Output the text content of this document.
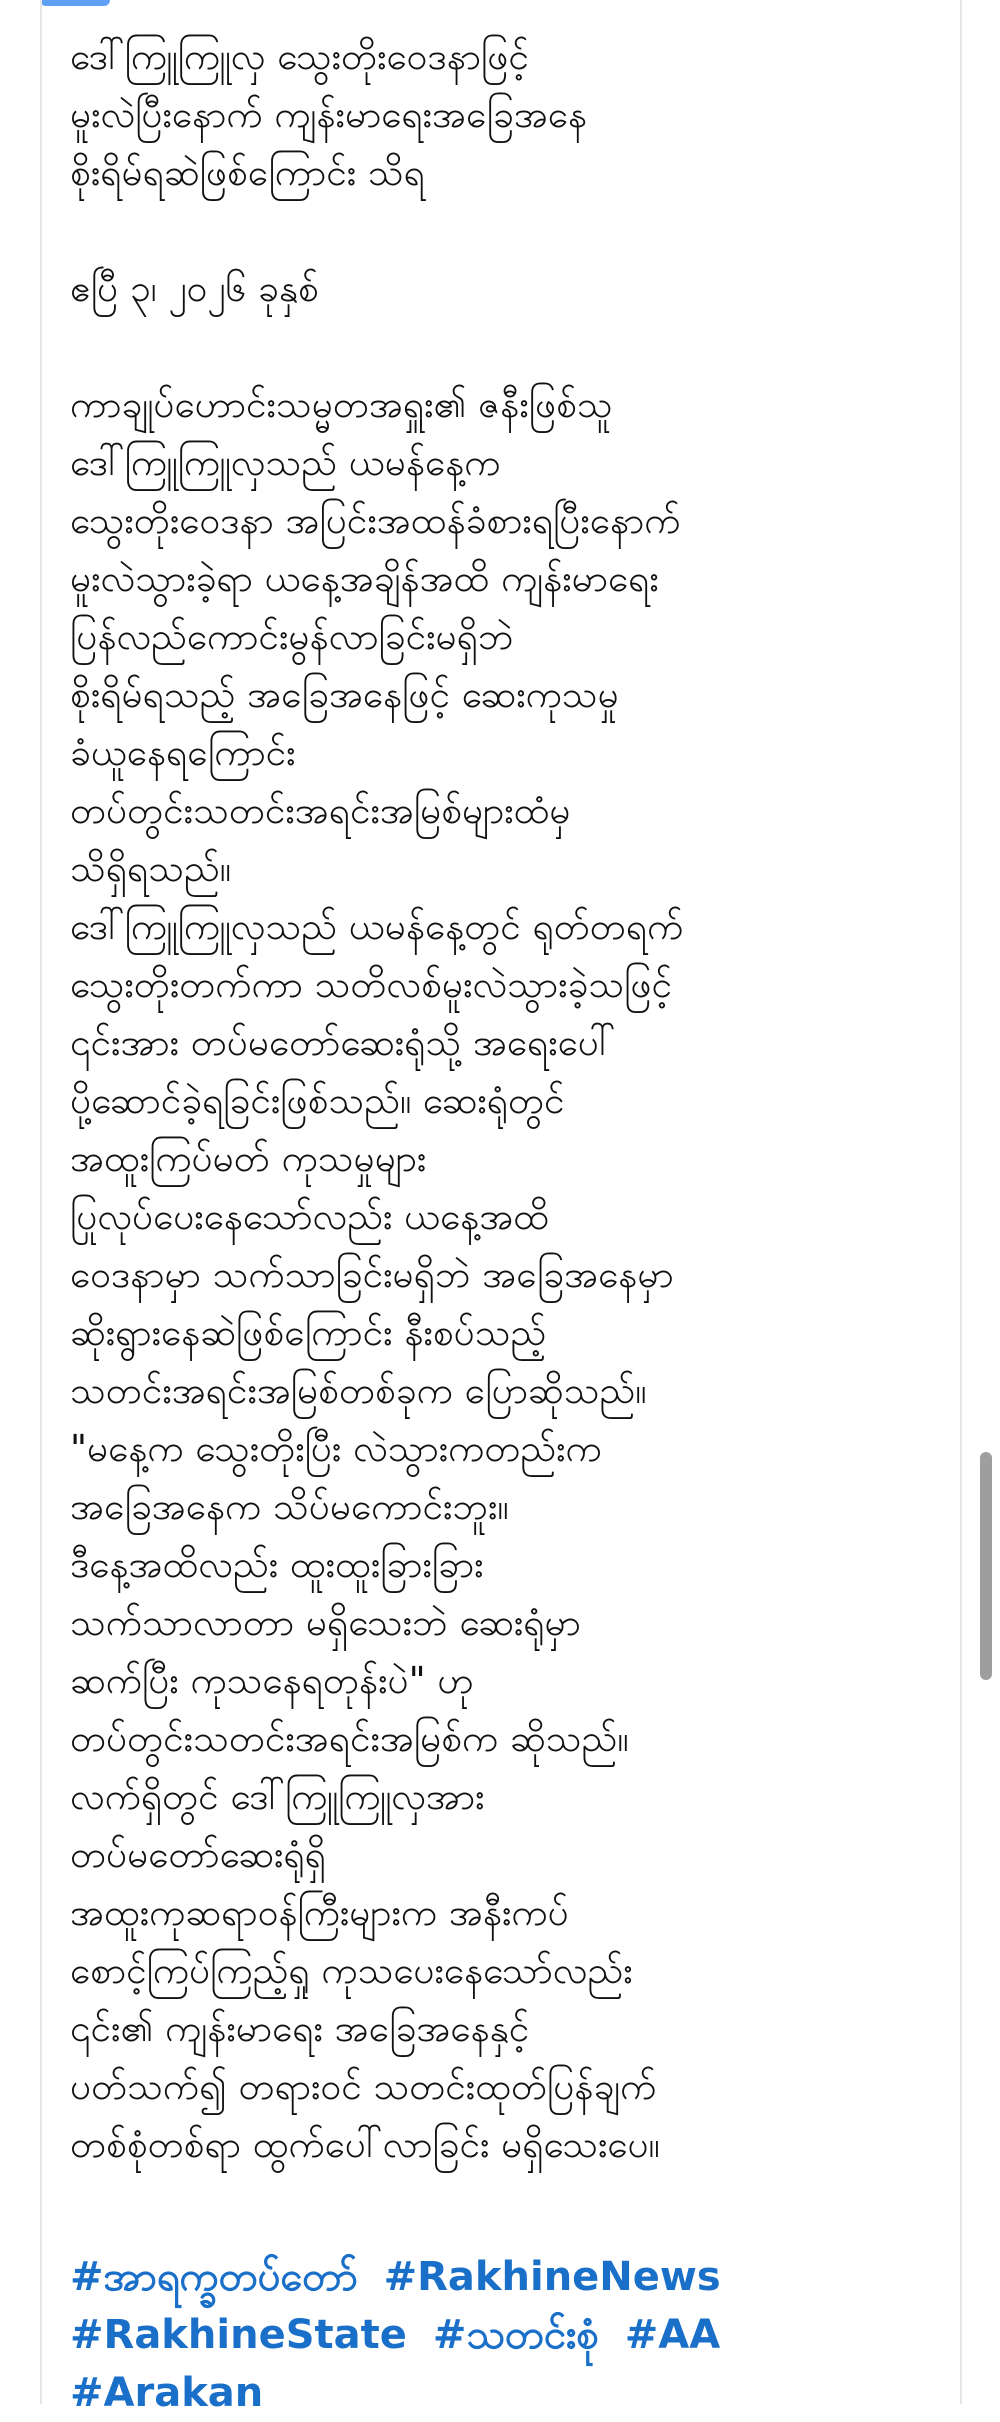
ဒေါ်ကြူကြူလှ သွေးတိုးဝေဒနာဖြင့်
မူးလဲပြီးနောက် ကျန်းမာရေးအခြေအနေ
စိုးရိမ်ရဆဲဖြစ်ကြောင်း သိရ
ဧပြီ ၃၊ ၂၀၂၆ ခုနှစ်
ကာချုပ်ဟောင်းသမ္မတအရှူး၏ ဇနီးဖြစ်သူ
ဒေါ်ကြူကြူလှသည် ယမန်နေ့က
သွေးတိုးဝေဒနာ အပြင်းအထန်ခံစားရပြီးနောက်
မူးလဲသွားခဲ့ရာ ယနေ့အချိန်အထိ ကျန်းမာရေး
ပြန်လည်ကောင်းမွန်လာခြင်းမရှိဘဲ
စိုးရိမ်ရသည့် အခြေအနေဖြင့် ဆေးကုသမှု
ခံယူနေရကြောင်း
တပ်တွင်းသတင်းအရင်းအမြစ်များထံမှ
သိရှိရသည်။
ဒေါ်ကြူကြူလှသည် ယမန်နေ့တွင် ရုတ်တရက်
သွေးတိုးတက်ကာ သတိလစ်မူးလဲသွားခဲ့သဖြင့်
၎င်းအား တပ်မတော်ဆေးရုံသို့ အရေးပေါ်
ပို့ဆောင်ခဲ့ရခြင်းဖြစ်သည်။ ဆေးရုံတွင်
အထူးကြပ်မတ် ကုသမှုများ
ပြုလုပ်ပေးနေသော်လည်း ယနေ့အထိ
ဝေဒနာမှာ သက်သာခြင်းမရှိဘဲ အခြေအနေမှာ
ဆိုးရွားနေဆဲဖြစ်ကြောင်း နီးစပ်သည့်
သတင်းအရင်းအမြစ်တစ်ခုက ပြောဆိုသည်။
"မနေ့က သွေးတိုးပြီး လဲသွားကတည်းက
အခြေအနေက သိပ်မကောင်းဘူး။
ဒီနေ့အထိလည်း ထူးထူးခြားခြား
သက်သာလာတာ မရှိသေးဘဲ ဆေးရုံမှာ
ဆက်ပြီး ကုသနေရတုန်းပဲ" ဟု
တပ်တွင်းသတင်းအရင်းအမြစ်က ဆိုသည်။
လက်ရှိတွင် ဒေါ်ကြူကြူလှအား
တပ်မတော်ဆေးရုံရှိ
အထူးကုဆရာဝန်ကြီးများက အနီးကပ်
စောင့်ကြပ်ကြည့်ရှု ကုသပေးနေသော်လည်း
၎င်း၏ ကျန်းမာရေး အခြေအနေနှင့်
ပတ်သက်၍ တရားဝင် သတင်းထုတ်ပြန်ချက်
တစ်စုံတစ်ရာ ထွက်ပေါ်လာခြင်း မရှိသေးပေ။
#အာရက္ခတပ်တော် #RakhineNews
#RakhineState #သတင်းစုံ #AA #Arakan
